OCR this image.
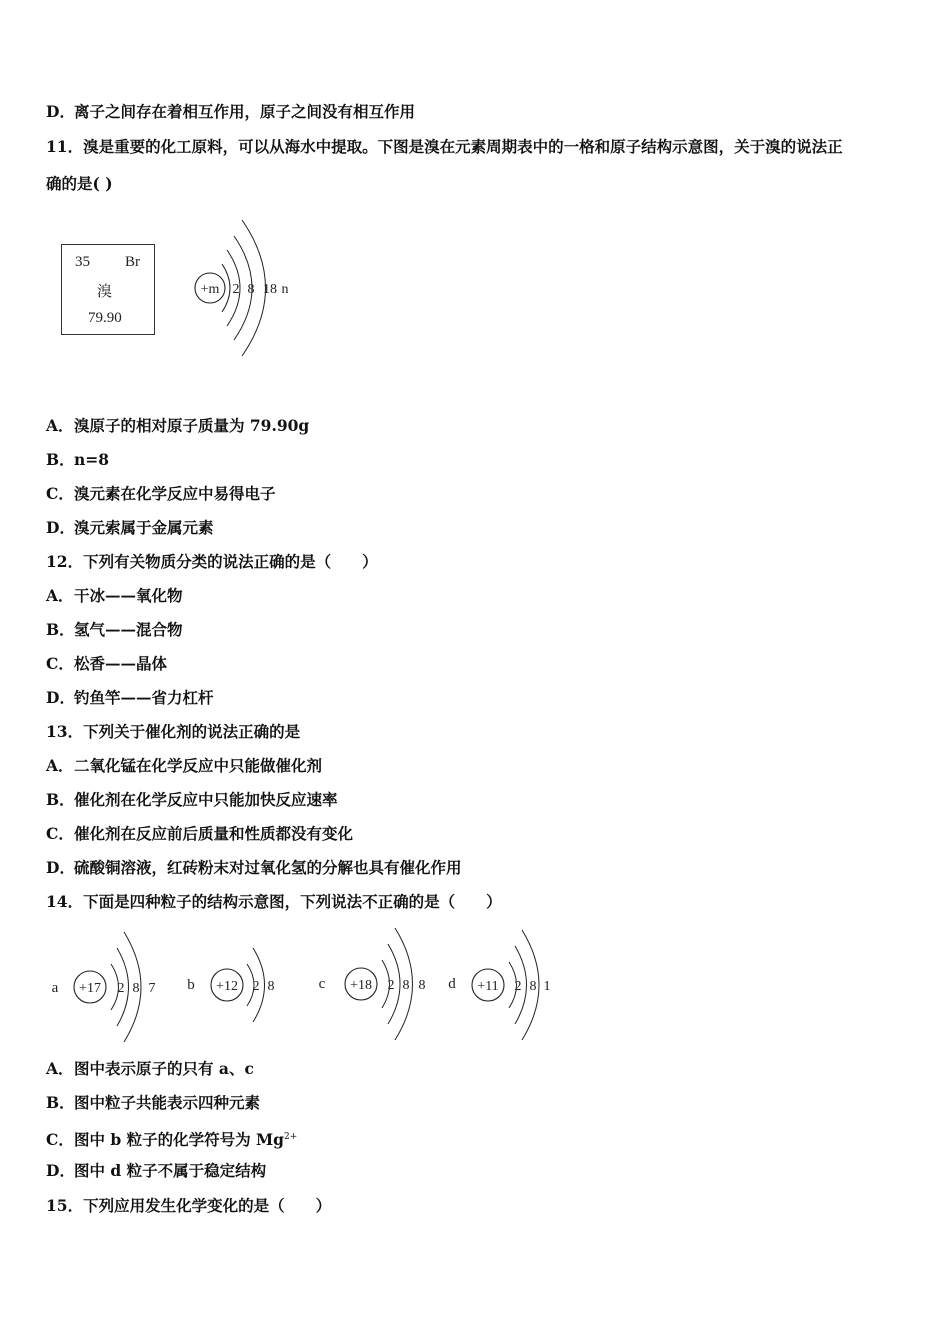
D．离子之间存在着相互作用，原子之间没有相互作用
11．溴是重要的化工原料，可以从海水中提取。下图是溴在元素周期表中的一格和原子结构示意图，关于溴的说法正
确的是( )
35 Br
溴
79.90
+m 2 8 18 n
A．溴原子的相对原子质量为 79.90g
B．n=8
C．溴元素在化学反应中易得电子
D．溴元索属于金属元素
12．下列有关物质分类的说法正确的是（　　）
A．干冰——氧化物
B．氢气——混合物
C．松香——晶体
D．钓鱼竿——省力杠杆
13．下列关于催化剂的说法正确的是
A．二氧化锰在化学反应中只能做催化剂
B．催化剂在化学反应中只能加快反应速率
C．催化剂在反应前后质量和性质都没有变化
D．硫酸铜溶液，红砖粉末对过氧化氢的分解也具有催化作用
14．下面是四种粒子的结构示意图，下列说法不正确的是（　　）
a +17 2 8 7 b +12 2 8	c +18 2 8 8 d +11 2 8 1
A．图中表示原子的只有 a、c
B．图中粒子共能表示四种元素
C．图中 b 粒子的化学符号为 $Mg^{2+}$
D．图中 d 粒子不属于稳定结构
15．下列应用发生化学变化的是（　　）
